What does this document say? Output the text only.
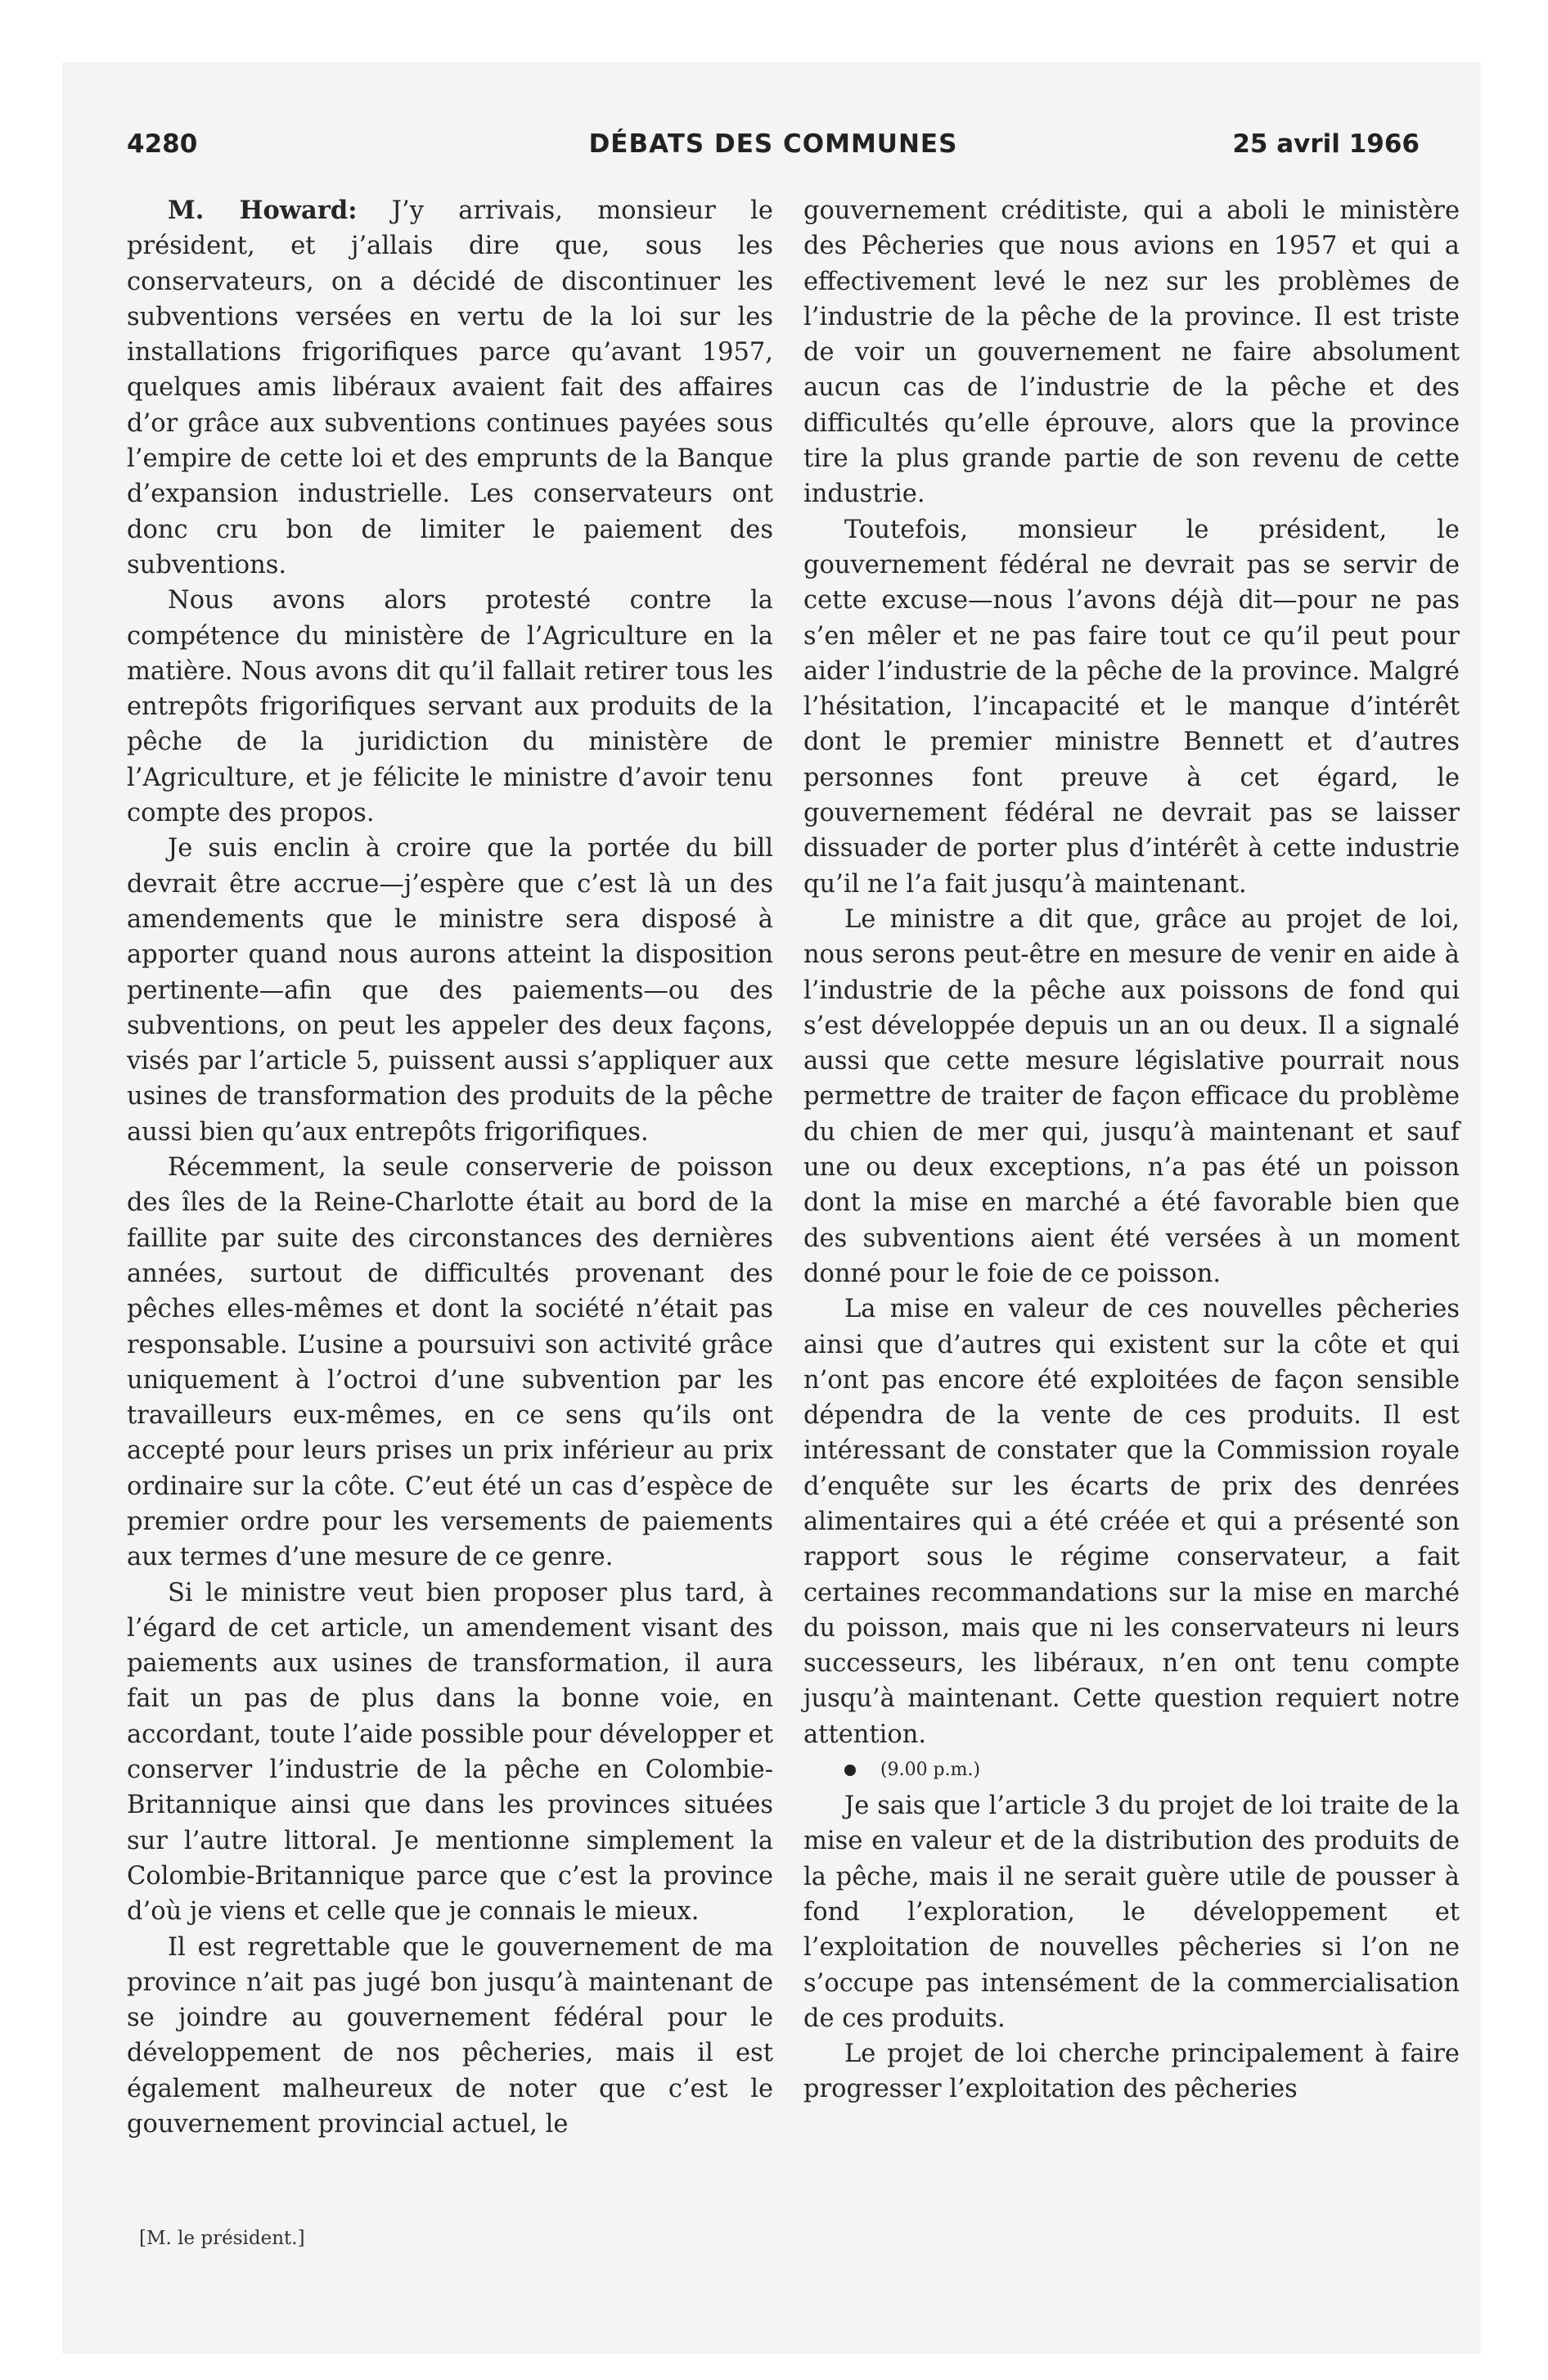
4280	DÉBATS DES COMMUNES	25 avril 1966

M. Howard: J’y arrivais, monsieur le président, et j’allais dire que, sous les conservateurs, on a décidé de discontinuer les subventions versées en vertu de la loi sur les installations frigorifiques parce qu’avant 1957, quelques amis libéraux avaient fait des affaires d’or grâce aux subventions continues payées sous l’empire de cette loi et des emprunts de la Banque d’expansion industrielle. Les conservateurs ont donc cru bon de limiter le paiement des subventions.

Nous avons alors protesté contre la compétence du ministère de l’Agriculture en la matière. Nous avons dit qu’il fallait retirer tous les entrepôts frigorifiques servant aux produits de la pêche de la juridiction du ministère de l’Agriculture, et je félicite le ministre d’avoir tenu compte des propos.

Je suis enclin à croire que la portée du bill devrait être accrue—j’espère que c’est là un des amendements que le ministre sera disposé à apporter quand nous aurons atteint la disposition pertinente—afin que des paiements—ou des subventions, on peut les appeler des deux façons, visés par l’article 5, puissent aussi s’appliquer aux usines de transformation des produits de la pêche aussi bien qu’aux entrepôts frigorifiques.

Récemment, la seule conserverie de poisson des îles de la Reine-Charlotte était au bord de la faillite par suite des circonstances des dernières années, surtout de difficultés provenant des pêches elles-mêmes et dont la société n’était pas responsable. L’usine a poursuivi son activité grâce uniquement à l’octroi d’une subvention par les travailleurs eux-mêmes, en ce sens qu’ils ont accepté pour leurs prises un prix inférieur au prix ordinaire sur la côte. C’eut été un cas d’espèce de premier ordre pour les versements de paiements aux termes d’une mesure de ce genre.

Si le ministre veut bien proposer plus tard, à l’égard de cet article, un amendement visant des paiements aux usines de transformation, il aura fait un pas de plus dans la bonne voie, en accordant, toute l’aide possible pour développer et conserver l’industrie de la pêche en Colombie-Britannique ainsi que dans les provinces situées sur l’autre littoral. Je mentionne simplement la Colombie-Britannique parce que c’est la province d’où je viens et celle que je connais le mieux.

Il est regrettable que le gouvernement de ma province n’ait pas jugé bon jusqu’à maintenant de se joindre au gouvernement fédéral pour le développement de nos pêcheries, mais il est également malheureux de noter que c’est le gouvernement provincial actuel, le

gouvernement créditiste, qui a aboli le ministère des Pêcheries que nous avions en 1957 et qui a effectivement levé le nez sur les problèmes de l’industrie de la pêche de la province. Il est triste de voir un gouvernement ne faire absolument aucun cas de l’industrie de la pêche et des difficultés qu’elle éprouve, alors que la province tire la plus grande partie de son revenu de cette industrie.

Toutefois, monsieur le président, le gouvernement fédéral ne devrait pas se servir de cette excuse—nous l’avons déjà dit—pour ne pas s’en mêler et ne pas faire tout ce qu’il peut pour aider l’industrie de la pêche de la province. Malgré l’hésitation, l’incapacité et le manque d’intérêt dont le premier ministre Bennett et d’autres personnes font preuve à cet égard, le gouvernement fédéral ne devrait pas se laisser dissuader de porter plus d’intérêt à cette industrie qu’il ne l’a fait jusqu’à maintenant.

Le ministre a dit que, grâce au projet de loi, nous serons peut-être en mesure de venir en aide à l’industrie de la pêche aux poissons de fond qui s’est développée depuis un an ou deux. Il a signalé aussi que cette mesure législative pourrait nous permettre de traiter de façon efficace du problème du chien de mer qui, jusqu’à maintenant et sauf une ou deux exceptions, n’a pas été un poisson dont la mise en marché a été favorable bien que des subventions aient été versées à un moment donné pour le foie de ce poisson.

La mise en valeur de ces nouvelles pêcheries ainsi que d’autres qui existent sur la côte et qui n’ont pas encore été exploitées de façon sensible dépendra de la vente de ces produits. Il est intéressant de constater que la Commission royale d’enquête sur les écarts de prix des denrées alimentaires qui a été créée et qui a présenté son rapport sous le régime conservateur, a fait certaines recommandations sur la mise en marché du poisson, mais que ni les conservateurs ni leurs successeurs, les libéraux, n’en ont tenu compte jusqu’à maintenant. Cette question requiert notre attention.

(9.00 p.m.)

Je sais que l’article 3 du projet de loi traite de la mise en valeur et de la distribution des produits de la pêche, mais il ne serait guère utile de pousser à fond l’exploration, le développement et l’exploitation de nouvelles pêcheries si l’on ne s’occupe pas intensément de la commercialisation de ces produits.

Le projet de loi cherche principalement à faire progresser l’exploitation des pêcheries

[M. le président.]
